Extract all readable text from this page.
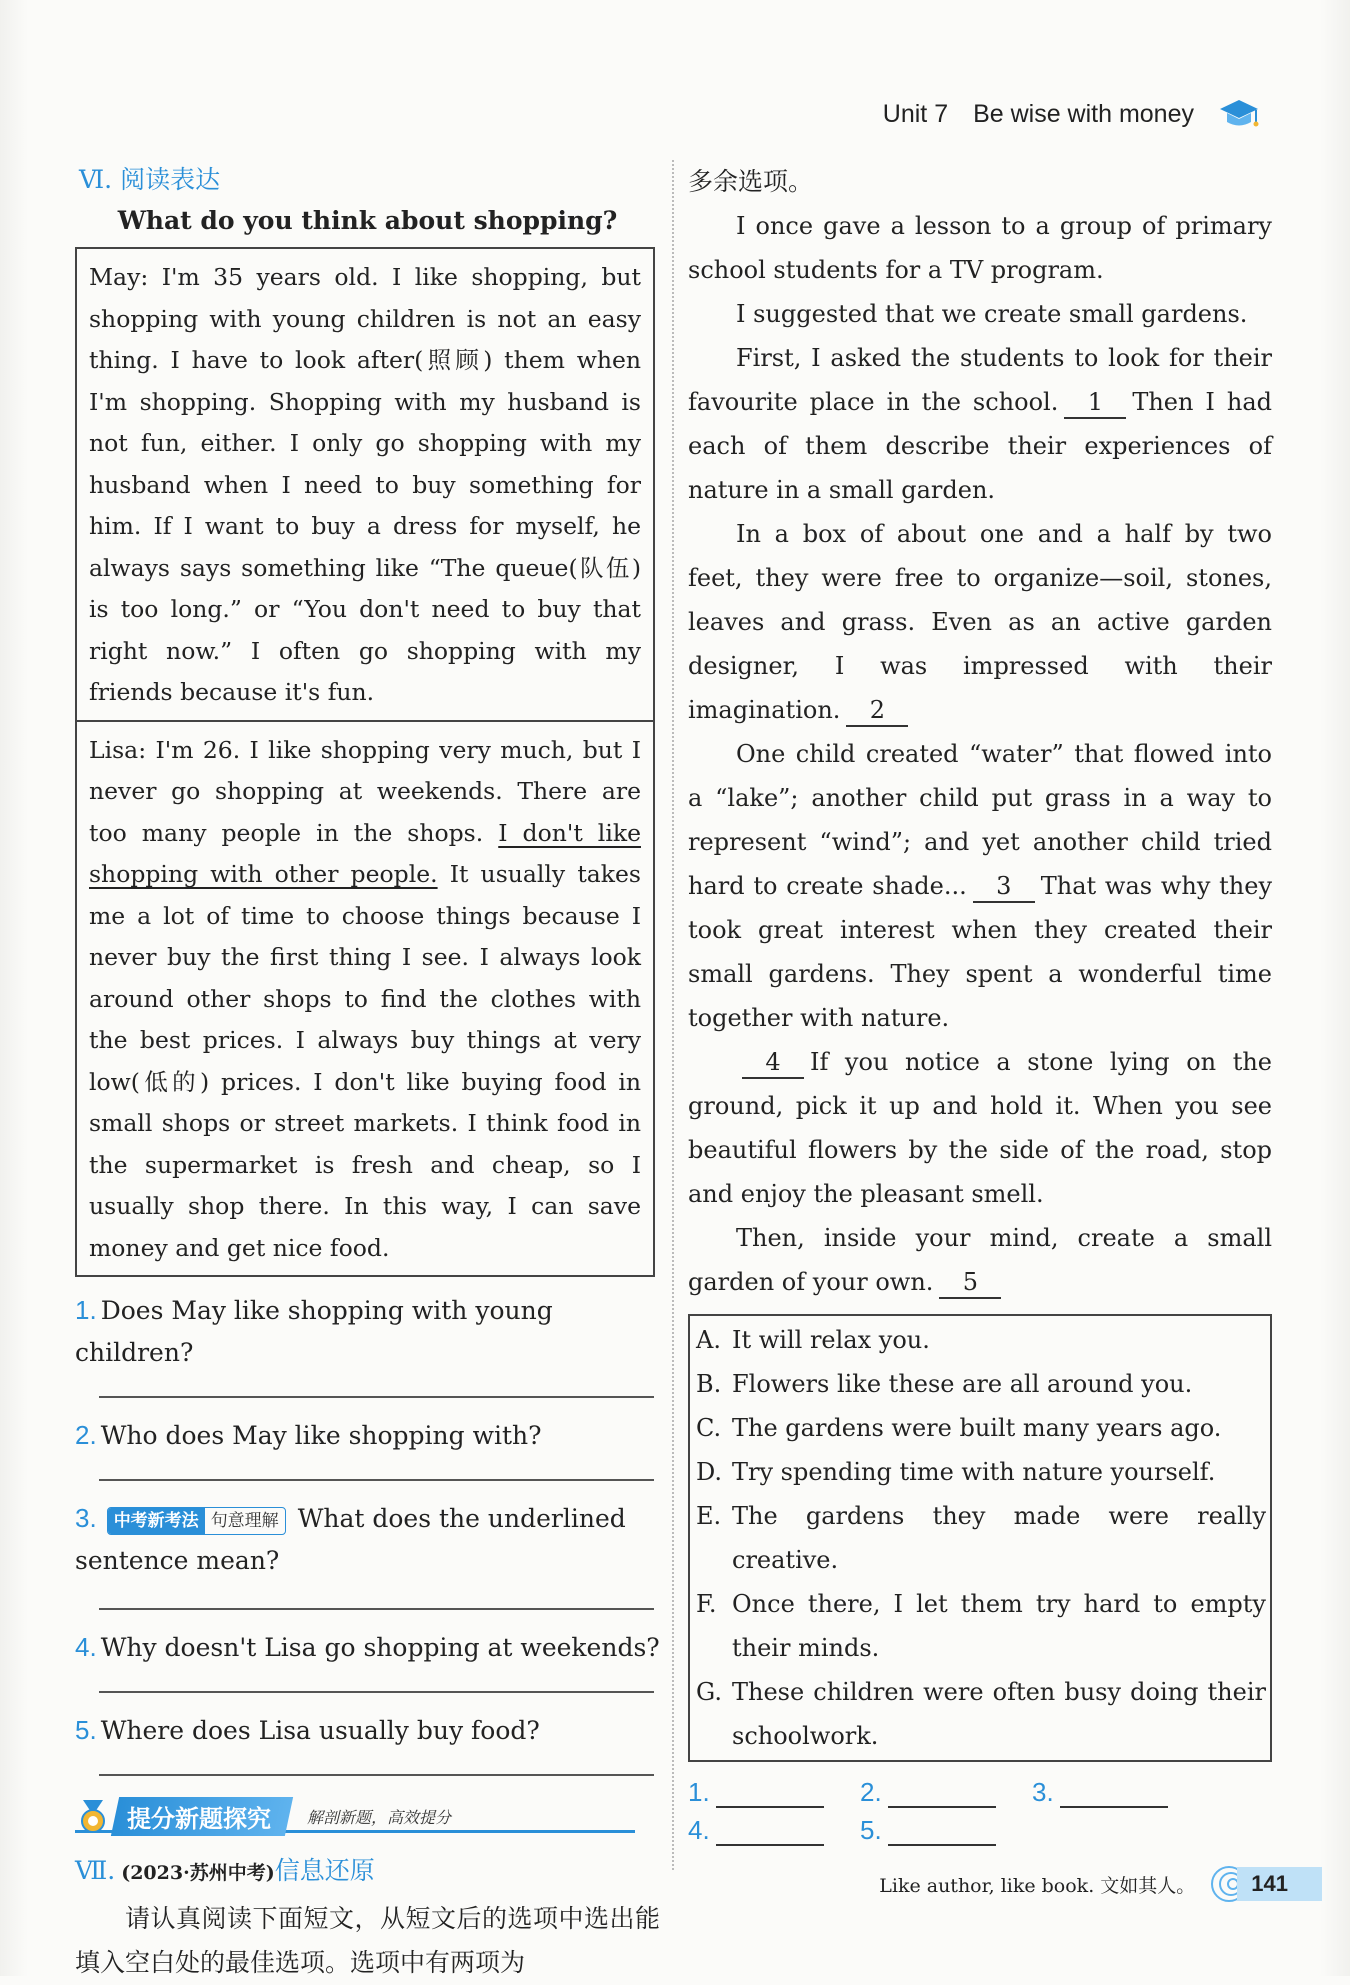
Unit 7 Be wise with money
Ⅵ. 阅读表达
What do you think about shopping?

May: I'm 35 years old. I like shopping, but shopping with young children is not an easy thing. I have to look after(照顾) them when I'm shopping. Shopping with my husband is not fun, either. I only go shopping with my husband when I need to buy something for him. If I want to buy a dress for myself, he always says something like “The queue(队伍) is too long.” or “You don't need to buy that right now.” I often go shopping with my friends because it's fun.

Lisa: I'm 26. I like shopping very much, but I never go shopping at weekends. There are too many people in the shops. I don't like shopping with other people. It usually takes me a lot of time to choose things because I never buy the first thing I see. I always look around other shops to find the clothes with the best prices. I always buy things at very low(低的) prices. I don't like buying food in small shops or street markets. I think food in the supermarket is fresh and cheap, so I usually shop there. In this way, I can save money and get nice food.

1. Does May like shopping with young children?
2. Who does May like shopping with?
3. 中考新考法 句意理解 What does the underlined sentence mean?
4. Why doesn't Lisa go shopping at weekends?
5. Where does Lisa usually buy food?
提分新题探究	解剖新题，高效提分
Ⅶ. (2023·苏州中考)信息还原
请认真阅读下面短文，从短文后的选项中选出能填入空白处的最佳选项。选项中有两项为

多余选项。

I once gave a lesson to a group of primary school students for a TV program.

I suggested that we create small gardens.

First, I asked the students to look for their favourite place in the school. 1 Then I had each of them describe their experiences of nature in a small garden.

In a box of about one and a half by two feet, they were free to organize—soil, stones, leaves and grass. Even as an active garden designer, I was impressed with their imagination. 2

One child created “water” that flowed into a “lake”; another child put grass in a way to represent “wind”; and yet another child tried hard to create shade... 3 That was why they took great interest when they created their small gardens. They spent a wonderful time together with nature.

4 If you notice a stone lying on the ground, pick it up and hold it. When you see beautiful flowers by the side of the road, stop and enjoy the pleasant smell.

Then, inside your mind, create a small garden of your own. 5

A. It will relax you.
B. Flowers like these are all around you.
C. The gardens were built many years ago.
D. Try spending time with nature yourself.
E. The gardens they made were really creative.
F. Once there, I let them try hard to empty their minds.
G. These children were often busy doing their schoolwork.
1.	2.	3.
4.	5.
Like author, like book. 文如其人。	141
